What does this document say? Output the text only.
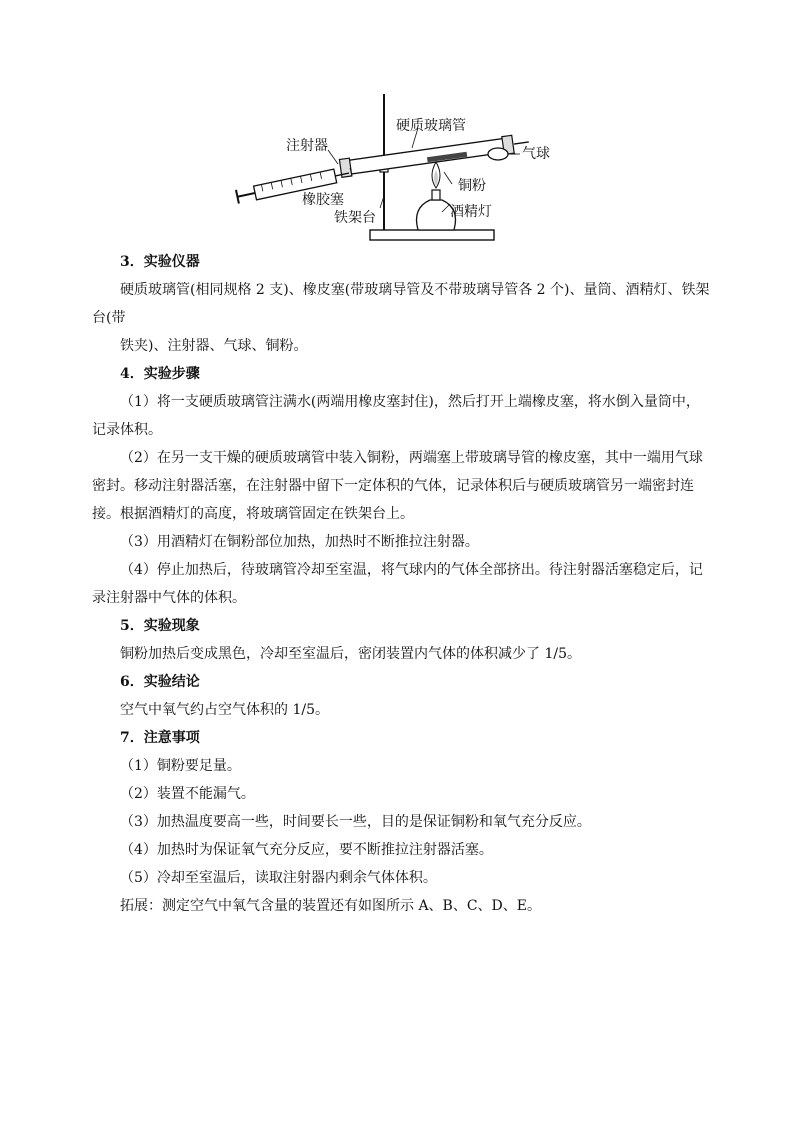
硬质玻璃管
注射器	气球
铜粉
橡胶塞
酒精灯
铁架台
3．实验仪器
硬质玻璃管(相同规格 2 支)、橡皮塞(带玻璃导管及不带玻璃导管各 2 个)、量筒、酒精灯、铁架
台(带
铁夹)、注射器、气球、铜粉。
4．实验步骤
（1）将一支硬质玻璃管注满水(两端用橡皮塞封住)，然后打开上端橡皮塞，将水倒入量筒中，
记录体积。
（2）在另一支干燥的硬质玻璃管中装入铜粉，两端塞上带玻璃导管的橡皮塞，其中一端用气球
密封。移动注射器活塞，在注射器中留下一定体积的气体，记录体积后与硬质玻璃管另一端密封连
接。根据酒精灯的高度，将玻璃管固定在铁架台上。
（3）用酒精灯在铜粉部位加热，加热时不断推拉注射器。
（4）停止加热后，待玻璃管冷却至室温，将气球内的气体全部挤出。待注射器活塞稳定后，记
录注射器中气体的体积。
5．实验现象
铜粉加热后变成黑色，冷却至室温后，密闭装置内气体的体积减少了 1/5。
6．实验结论
空气中氧气约占空气体积的 1/5。
7．注意事项
（1）铜粉要足量。
（2）装置不能漏气。
（3）加热温度要高一些，时间要长一些，目的是保证铜粉和氧气充分反应。
（4）加热时为保证氧气充分反应，要不断推拉注射器活塞。
（5）冷却至室温后，读取注射器内剩余气体体积。
拓展：测定空气中氧气含量的装置还有如图所示 A、B、C、D、E。
